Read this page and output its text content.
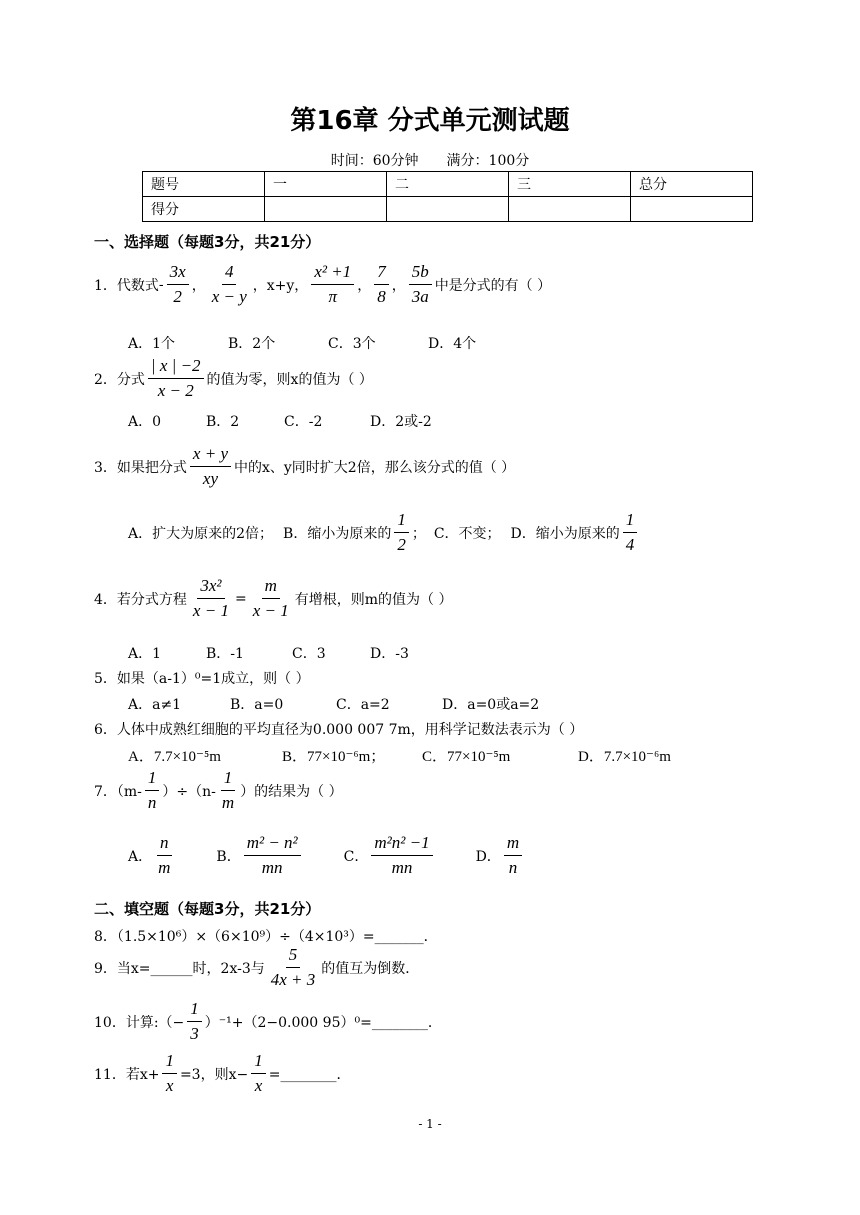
第16章 分式单元测试题
时间：60分钟 满分：100分
题号	一	二	三	总分
得分				
一、选择题（每题3分，共21分）
1．代数式 - $\frac{3x}{2}$ ， $\frac{4}{x - y}$ ，x+y， $\frac{\text{x² +1}}{\pi}$ ， $\frac{7}{8}$ ， $\frac{5b}{3a}$ 中是分式的有（ ）
A．1个	B．2个	C．3个	D．4个
2．分式 $\frac{| x | -2}{x - 2}$ 的值为零，则x的值为（ ）
A．0	B．2	C．-2	D．2或-2
3．如果把分式 $\frac{x + y}{xy}$ 中的x、y同时扩大2倍，那么该分式的值（ ）
A．扩大为原来的2倍； B．缩小为原来的 $\frac{1}{2}$ ； C．不变； D．缩小为原来的 $\frac{1}{4}$
4．若分式方程 $\frac{\text{3x²}}{x - 1} = \frac{m}{x - 1}$ 有增根，则m的值为（ ）
A．1	B．-1	C．3	D．-3
5．如果（a-1）⁰=1成立，则（ ）
A．a≠1	B．a=0	C．a=2	D．a=0或a=2
6．人体中成熟红细胞的平均直径为0.000 007 7m，用科学记数法表示为（ ）
A．7.7×10⁻⁵m	B．77×10⁻⁶m；	C．77×10⁻⁵m	D．7.7×10⁻⁶m
7．$(m- \frac{1}{n} )\div(n- \frac{1}{m}$ ）的结果为（ ）
A． $\frac{n}{m}$	B． $\frac{\text{m² − n²}}{mn}$	C． $\frac{\text{m²n² −1}}{mn}$	D． $\frac{m}{n}$
二、填空题（每题3分，共21分）
8．（1.5×10⁶）×（6×10⁹）÷（4×10³）=_______．
9．当x=______时，2x-3与 $\frac{5}{4x + 3}$ 的值互为倒数．
10．计算:（− $\frac{1}{3} )^{-1}+(2-0.000$ 95）⁰=________．
11．若$x+ \frac{1}{x} =3$，则$x- \frac{1}{x}$ =________．
- 1 -
